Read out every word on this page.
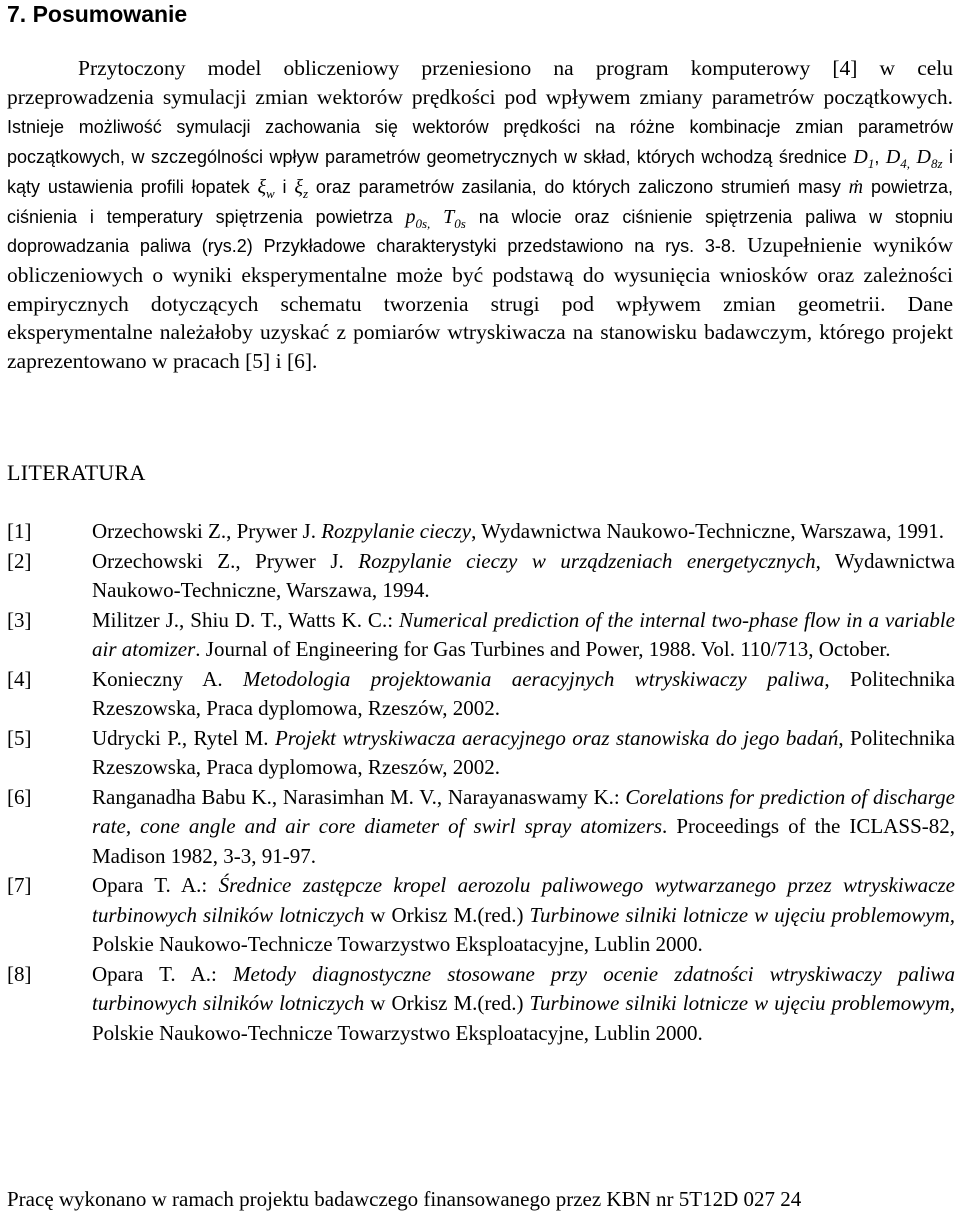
7. Posumowanie

Przytoczony model obliczeniowy przeniesiono na program komputerowy [4] w celu przeprowadzenia symulacji zmian wektorów prędkości pod wpływem zmiany parametrów początkowych. Istnieje możliwość symulacji zachowania się wektorów prędkości na różne kombinacje zmian parametrów początkowych, w szczególności wpływ parametrów geometrycznych w skład, których wchodzą średnice $D_1$, $D_{4,}$ $D_{8z}$ i kąty ustawienia profili łopatek $\xi_w$ i $\xi_z$ oraz parametrów zasilania, do których zaliczono strumień masy ṁ powietrza, ciśnienia i temperatury spiętrzenia powietrza $p_{0s,}$ $T_{0s}$ na wlocie oraz ciśnienie spiętrzenia paliwa w stopniu doprowadzania paliwa (rys.2) Przykładowe charakterystyki przedstawiono na rys. 3-8. Uzupełnienie wyników obliczeniowych o wyniki eksperymentalne może być podstawą do wysunięcia wniosków oraz zależności empirycznych dotyczących schematu tworzenia strugi pod wpływem zmian geometrii. Dane eksperymentalne należałoby uzyskać z pomiarów wtryskiwacza na stanowisku badawczym, którego projekt zaprezentowano w pracach [5] i [6].

LITERATURA
[1]	Orzechowski Z., Prywer J. Rozpylanie cieczy, Wydawnictwa Naukowo-Techniczne, Warszawa, 1991.
[2]	Orzechowski Z., Prywer J. Rozpylanie cieczy w urządzeniach energetycznych, Wydawnictwa Naukowo-Techniczne, Warszawa, 1994.
[3]	Militzer J., Shiu D. T., Watts K. C.: Numerical prediction of the internal two-phase flow in a variable air atomizer. Journal of Engineering for Gas Turbines and Power, 1988. Vol. 110/713, October.
[4]	Konieczny A. Metodologia projektowania aeracyjnych wtryskiwaczy paliwa, Politechnika Rzeszowska, Praca dyplomowa, Rzeszów, 2002.
[5]	Udrycki P., Rytel M. Projekt wtryskiwacza aeracyjnego oraz stanowiska do jego badań, Politechnika Rzeszowska, Praca dyplomowa, Rzeszów, 2002.
[6]	Ranganadha Babu K., Narasimhan M. V., Narayanaswamy K.: Corelations for prediction of discharge rate, cone angle and air core diameter of swirl spray atomizers. Proceedings of the ICLASS-82, Madison 1982, 3-3, 91-97.
[7]	Opara T. A.: Średnice zastępcze kropel aerozolu paliwowego wytwarzanego przez wtryskiwacze turbinowych silników lotniczych w Orkisz M.(red.) Turbinowe silniki lotnicze w ujęciu problemowym, Polskie Naukowo-Technicze Towarzystwo Eksploatacyjne, Lublin 2000.
[8]	Opara T. A.: Metody diagnostyczne stosowane przy ocenie zdatności wtryskiwaczy paliwa turbinowych silników lotniczych w Orkisz M.(red.) Turbinowe silniki lotnicze w ujęciu problemowym, Polskie Naukowo-Technicze Towarzystwo Eksploatacyjne, Lublin 2000.

Pracę wykonano w ramach projektu badawczego finansowanego przez KBN nr 5T12D 027 24
